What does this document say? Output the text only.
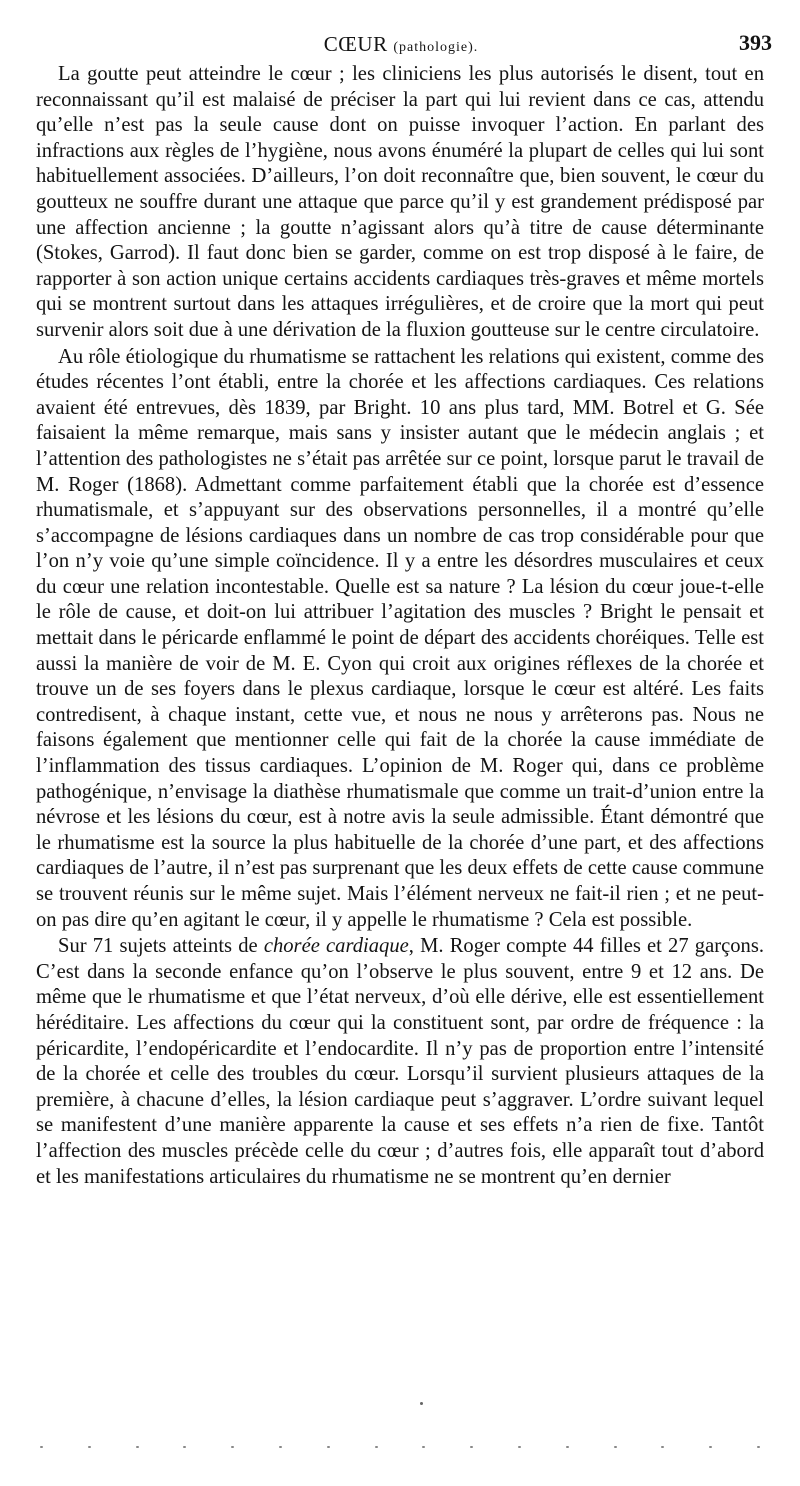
CŒUR (pathologie).	393

La goutte peut atteindre le cœur ; les cliniciens les plus autorisés le disent, tout en reconnaissant qu’il est malaisé de préciser la part qui lui revient dans ce cas, attendu qu’elle n’est pas la seule cause dont on puisse invoquer l’action. En parlant des infractions aux règles de l’hygiène, nous avons énuméré la plupart de celles qui lui sont habituellement associées. D’ailleurs, l’on doit reconnaître que, bien souvent, le cœur du goutteux ne souffre durant une attaque que parce qu’il y est grandement prédisposé par une affection ancienne ; la goutte n’agissant alors qu’à titre de cause déterminante (Stokes, Garrod). Il faut donc bien se garder, comme on est trop disposé à le faire, de rapporter à son action unique certains accidents cardiaques très-graves et même mortels qui se montrent surtout dans les attaques irrégulières, et de croire que la mort qui peut survenir alors soit due à une dérivation de la fluxion goutteuse sur le centre circulatoire.

Au rôle étiologique du rhumatisme se rattachent les relations qui existent, comme des études récentes l’ont établi, entre la chorée et les affections cardiaques. Ces relations avaient été entrevues, dès 1839, par Bright. 10 ans plus tard, MM. Botrel et G. Sée faisaient la même remarque, mais sans y insister autant que le médecin anglais ; et l’attention des pathologistes ne s’était pas arrêtée sur ce point, lorsque parut le travail de M. Roger (1868). Admettant comme parfaitement établi que la chorée est d’essence rhumatismale, et s’appuyant sur des observations personnelles, il a montré qu’elle s’accompagne de lésions cardiaques dans un nombre de cas trop considérable pour que l’on n’y voie qu’une simple coïncidence. Il y a entre les désordres musculaires et ceux du cœur une relation incontestable. Quelle est sa nature ? La lésion du cœur joue-t-elle le rôle de cause, et doit-on lui attribuer l’agitation des muscles ? Bright le pensait et mettait dans le péricarde enflammé le point de départ des accidents choréiques. Telle est aussi la manière de voir de M. E. Cyon qui croit aux origines réflexes de la chorée et trouve un de ses foyers dans le plexus cardiaque, lorsque le cœur est altéré. Les faits contredisent, à chaque instant, cette vue, et nous ne nous y arrêterons pas. Nous ne faisons également que mentionner celle qui fait de la chorée la cause immédiate de l’inflammation des tissus cardiaques. L’opinion de M. Roger qui, dans ce problème pathogénique, n’envisage la diathèse rhumatismale que comme un trait-d’union entre la névrose et les lésions du cœur, est à notre avis la seule admissible. Étant démontré que le rhumatisme est la source la plus habituelle de la chorée d’une part, et des affections cardiaques de l’autre, il n’est pas surprenant que les deux effets de cette cause commune se trouvent réunis sur le même sujet. Mais l’élément nerveux ne fait-il rien ; et ne peut-on pas dire qu’en agitant le cœur, il y appelle le rhumatisme ? Cela est possible.

Sur 71 sujets atteints de chorée cardiaque, M. Roger compte 44 filles et 27 garçons. C’est dans la seconde enfance qu’on l’observe le plus souvent, entre 9 et 12 ans. De même que le rhumatisme et que l’état nerveux, d’où elle dérive, elle est essentiellement héréditaire. Les affections du cœur qui la constituent sont, par ordre de fréquence : la péricardite, l’endopéricardite et l’endocardite. Il n’y pas de proportion entre l’intensité de la chorée et celle des troubles du cœur. Lorsqu’il survient plusieurs attaques de la première, à chacune d’elles, la lésion cardiaque peut s’aggraver. L’ordre suivant lequel se manifestent d’une manière apparente la cause et ses effets n’a rien de fixe. Tantôt l’affection des muscles précède celle du cœur ; d’autres fois, elle apparaît tout d’abord et les manifestations articulaires du rhumatisme ne se montrent qu’en dernier
